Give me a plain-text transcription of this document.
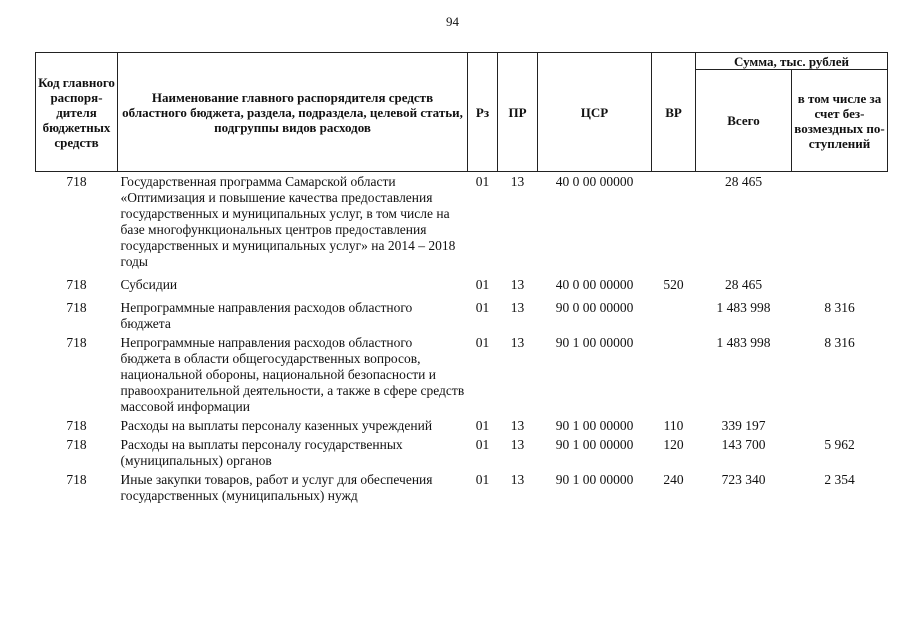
94
Код главного распорядителя бюджетных средств	Наименование главного распорядителя средств областного бюджета, раздела, подраздела, целевой статьи, подгруппы видов расходов	Рз	ПР	ЦСР	ВР	Сумма, тыс. рублей	
						Всего	в том числе за счет безвозмездных поступлений
718	Государственная программа Самарской области «Оптимизация и повышение качества предоставления государственных и муниципальных услуг, в том числе на базе многофункциональных центров предоставления государственных и муниципальных услуг» на 2014 – 2018 годы	01	13	40 0 00 00000		28 465	
718	Субсидии	01	13	40 0 00 00000	520	28 465	
718	Непрограммные направления расходов областного бюджета	01	13	90 0 00 00000		1 483 998	8 316
718	Непрограммные направления расходов областного бюджета в области общегосударственных вопросов, национальной обороны, национальной безопасности и правоохранительной деятельности, а также в сфере средств массовой информации	01	13	90 1 00 00000		1 483 998	8 316
718	Расходы на выплаты персоналу казенных учреждений	01	13	90 1 00 00000	110	339 197	
718	Расходы на выплаты персоналу государственных (муниципальных) органов	01	13	90 1 00 00000	120	143 700	5 962
718	Иные закупки товаров, работ и услуг для обеспечения государственных (муниципальных) нужд	01	13	90 1 00 00000	240	723 340	2 354
